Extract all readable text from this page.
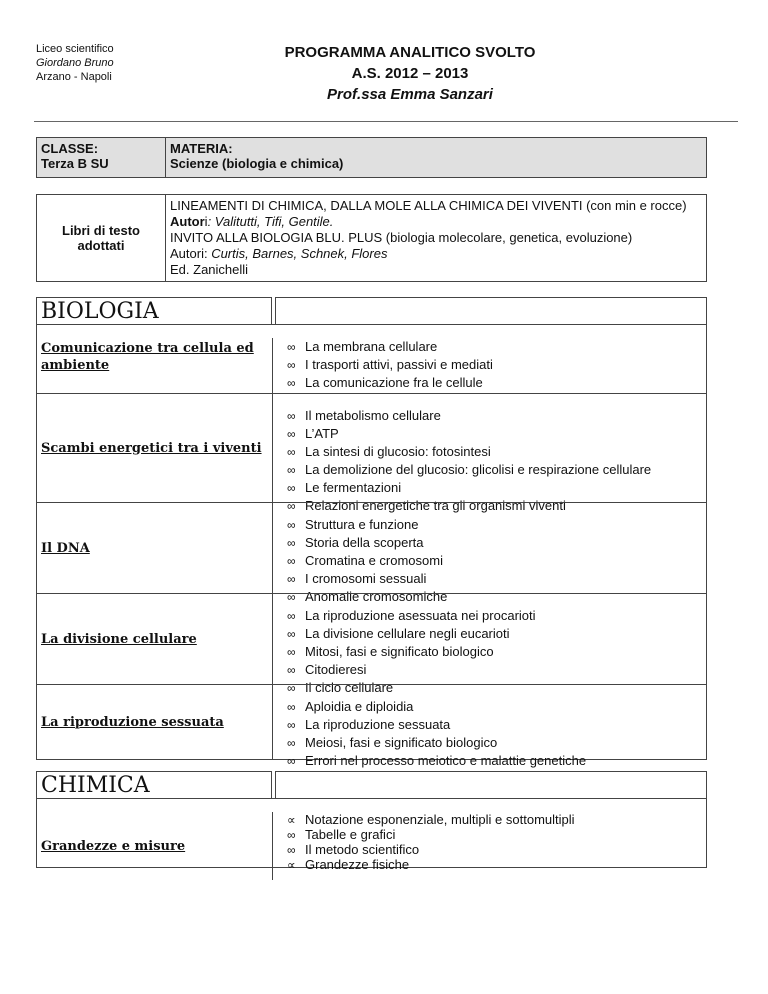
Liceo scientifico
Giordano Bruno
Arzano - Napoli
PROGRAMMA ANALITICO SVOLTO
A.S. 2012 – 2013
Prof.ssa Emma Sanzari
CLASSE:
Terza B SU

MATERIA:
Scienze (biologia e chimica)
Libri di testo adottati	
LINEAMENTI DI CHIMICA, DALLA MOLE ALLA CHIMICA DEI VIVENTI (con min e rocce)
Autori: Valitutti, Tifi, Gentile.
INVITO ALLA BIOLOGIA BLU. PLUS (biologia molecolare, genetica, evoluzione)
Autori: Curtis, Barnes, Schnek, Flores
Ed. Zanichelli
BIOLOGIA
Comunicazione tra cellula ed ambiente
∞ La membrana cellulare
∞ I trasporti attivi, passivi e mediati
∞ La comunicazione fra le cellule
Scambi energetici tra i viventi
∞ Il metabolismo cellulare
∞ L’ATP
∞ La sintesi di glucosio: fotosintesi
∞ La demolizione del glucosio: glicolisi e respirazione cellulare
∞ Le fermentazioni
∞ Relazioni energetiche tra gli organismi viventi
Il DNA
∞ Struttura e funzione
∞ Storia della scoperta
∞ Cromatina e cromosomi
∞ I cromosomi sessuali
∞ Anomalie cromosomiche
La divisione cellulare
∞ La riproduzione asessuata nei procarioti
∞ La divisione cellulare negli eucarioti
∞ Mitosi, fasi e significato biologico
∞ Citodieresi
∞ Il ciclo cellulare
La riproduzione sessuata
∞ Aploidia e diploidia
∞ La riproduzione sessuata
∞ Meiosi, fasi e significato biologico
∞ Errori nel processo meiotico e malattie genetiche
CHIMICA
Grandezze e misure
∝ Notazione esponenziale, multipli e sottomultipli
∞ Tabelle e grafici
∞ Il metodo scientifico
∝ Grandezze fisiche
